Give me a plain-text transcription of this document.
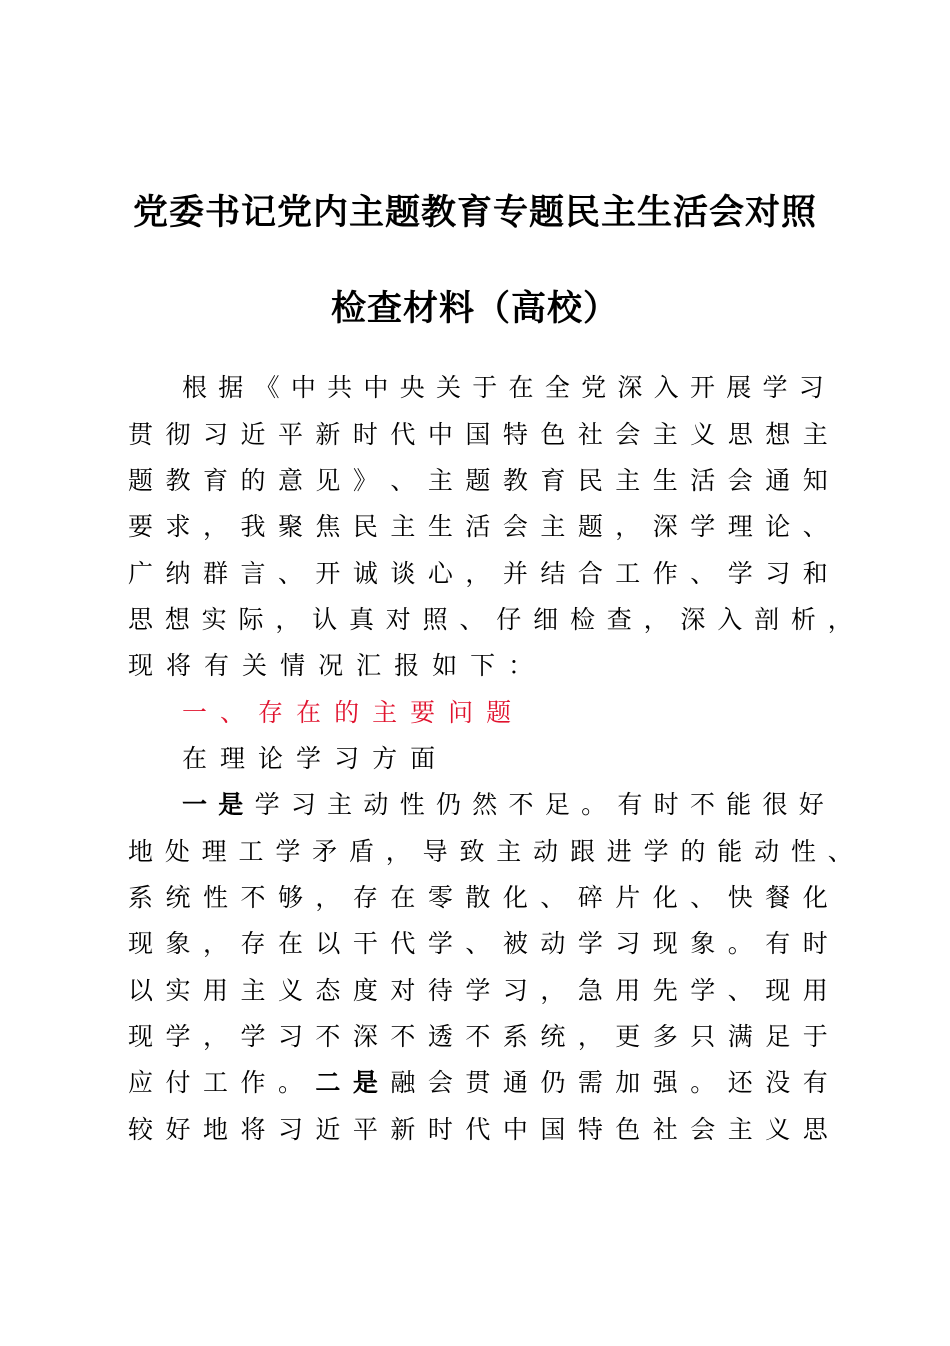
党委书记党内主题教育专题民主生活会对照
检查材料（高校）
根 据 《 中 共 中 央 关 于 在 全 党 深 入 开 展 学 习
贯 彻 习 近 平 新 时 代 中 国 特 色 社 会 主 义 思 想 主
题 教 育 的 意 见 》 、 主 题 教 育 民 主 生 活 会 通 知
要 求 ， 我 聚 焦 民 主 生 活 会 主 题 ， 深 学 理 论 、
广 纳 群 言 、 开 诚 谈 心 ， 并 结 合 工 作 、 学 习 和
思 想 实 际 ， 认 真 对 照 、 仔 细 检 查 ， 深 入 剖 析 ，
现 将 有 关 情 况 汇 报 如 下 ：
一 、 存 在 的 主 要 问 题
在 理 论 学 习 方 面
一 是 学 习 主 动 性 仍 然 不 足 。 有 时 不 能 很 好
地 处 理 工 学 矛 盾 ， 导 致 主 动 跟 进 学 的 能 动 性 、
系 统 性 不 够 ， 存 在 零 散 化 、 碎 片 化 、 快 餐 化
现 象 ， 存 在 以 干 代 学 、 被 动 学 习 现 象 。 有 时
以 实 用 主 义 态 度 对 待 学 习 ， 急 用 先 学 、 现 用
现 学 ， 学 习 不 深 不 透 不 系 统 ， 更 多 只 满 足 于
应 付 工 作 。 二 是 融 会 贯 通 仍 需 加 强 。 还 没 有
较 好 地 将 习 近 平 新 时 代 中 国 特 色 社 会 主 义 思
